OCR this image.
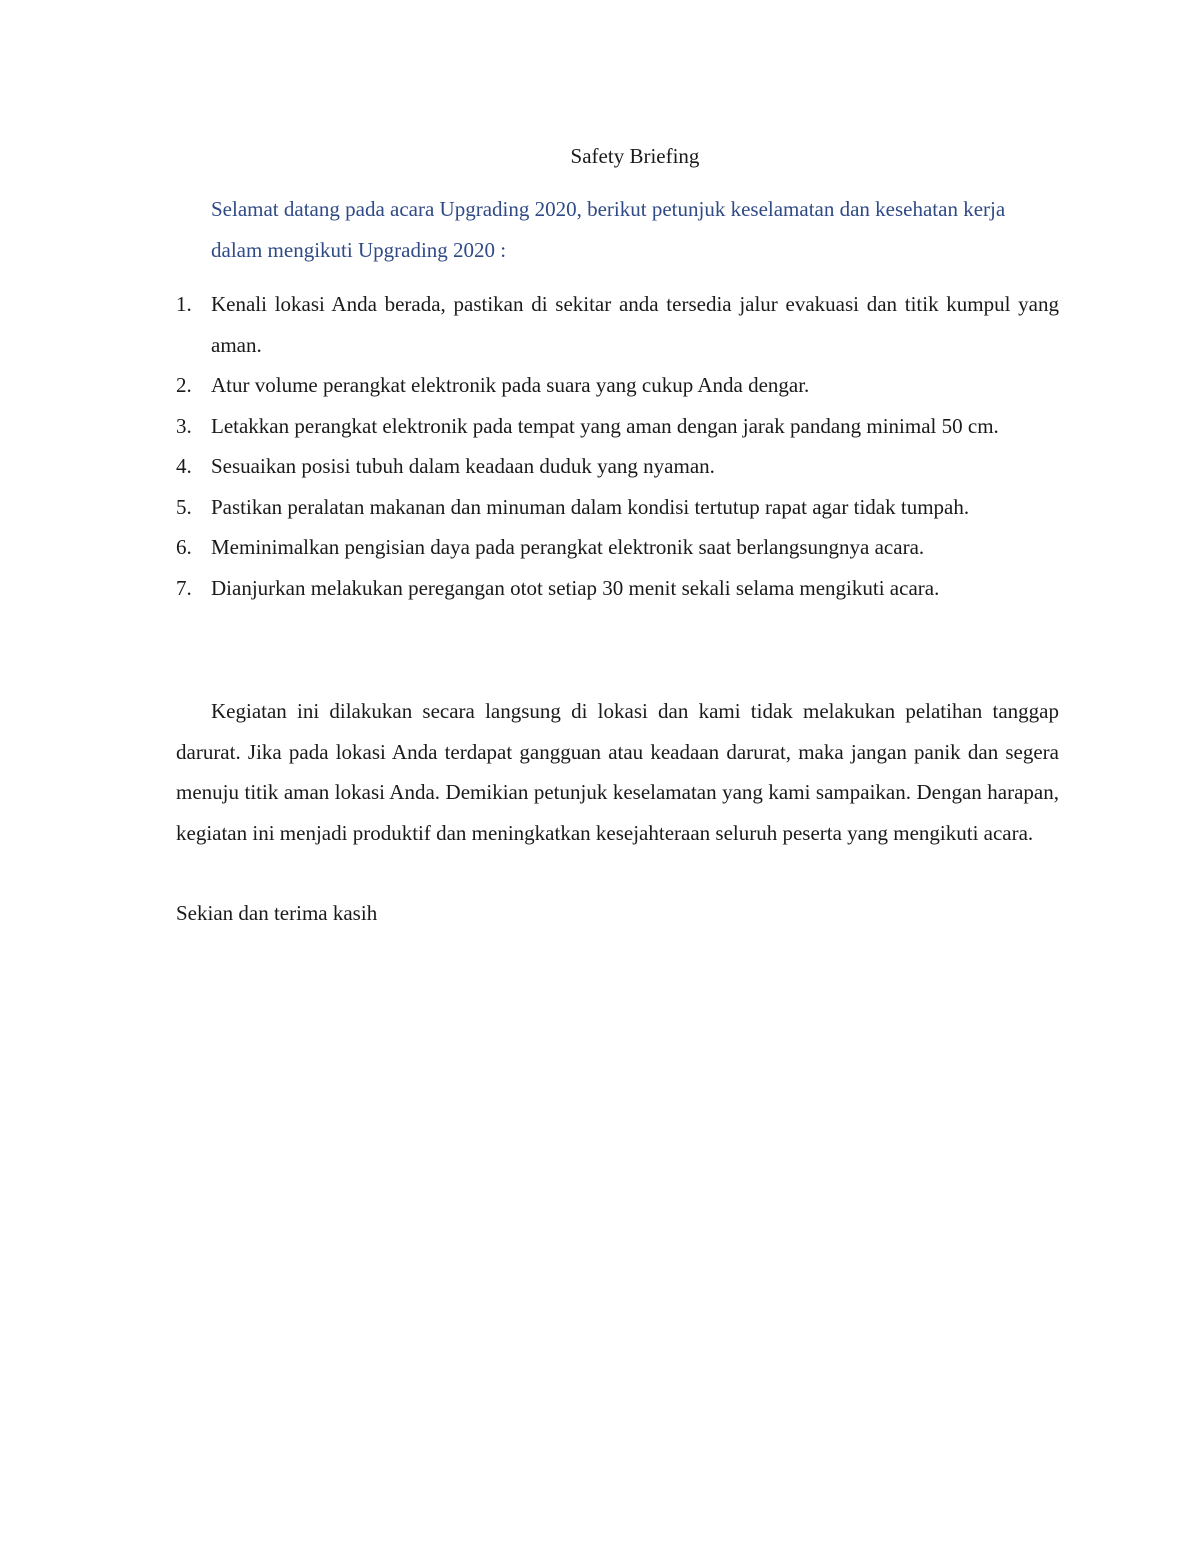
Safety Briefing
Selamat datang pada acara Upgrading 2020, berikut petunjuk keselamatan dan kesehatan kerja dalam mengikuti Upgrading 2020 :
1. Kenali lokasi Anda berada, pastikan di sekitar anda tersedia jalur evakuasi dan titik kumpul yang aman.
2. Atur volume perangkat elektronik pada suara yang cukup Anda dengar.
3. Letakkan perangkat elektronik pada tempat yang aman dengan jarak pandang minimal 50 cm.
4. Sesuaikan posisi tubuh dalam keadaan duduk yang nyaman.
5. Pastikan peralatan makanan dan minuman dalam kondisi tertutup rapat agar tidak tumpah.
6. Meminimalkan pengisian daya pada perangkat elektronik saat berlangsungnya acara.
7. Dianjurkan melakukan peregangan otot setiap 30 menit sekali selama mengikuti acara.

Kegiatan ini dilakukan secara langsung di lokasi dan kami tidak melakukan pelatihan tanggap darurat. Jika pada lokasi Anda terdapat gangguan atau keadaan darurat, maka jangan panik dan segera menuju titik aman lokasi Anda. Demikian petunjuk keselamatan yang kami sampaikan. Dengan harapan, kegiatan ini menjadi produktif dan meningkatkan kesejahteraan seluruh peserta yang mengikuti acara.

Sekian dan terima kasih
